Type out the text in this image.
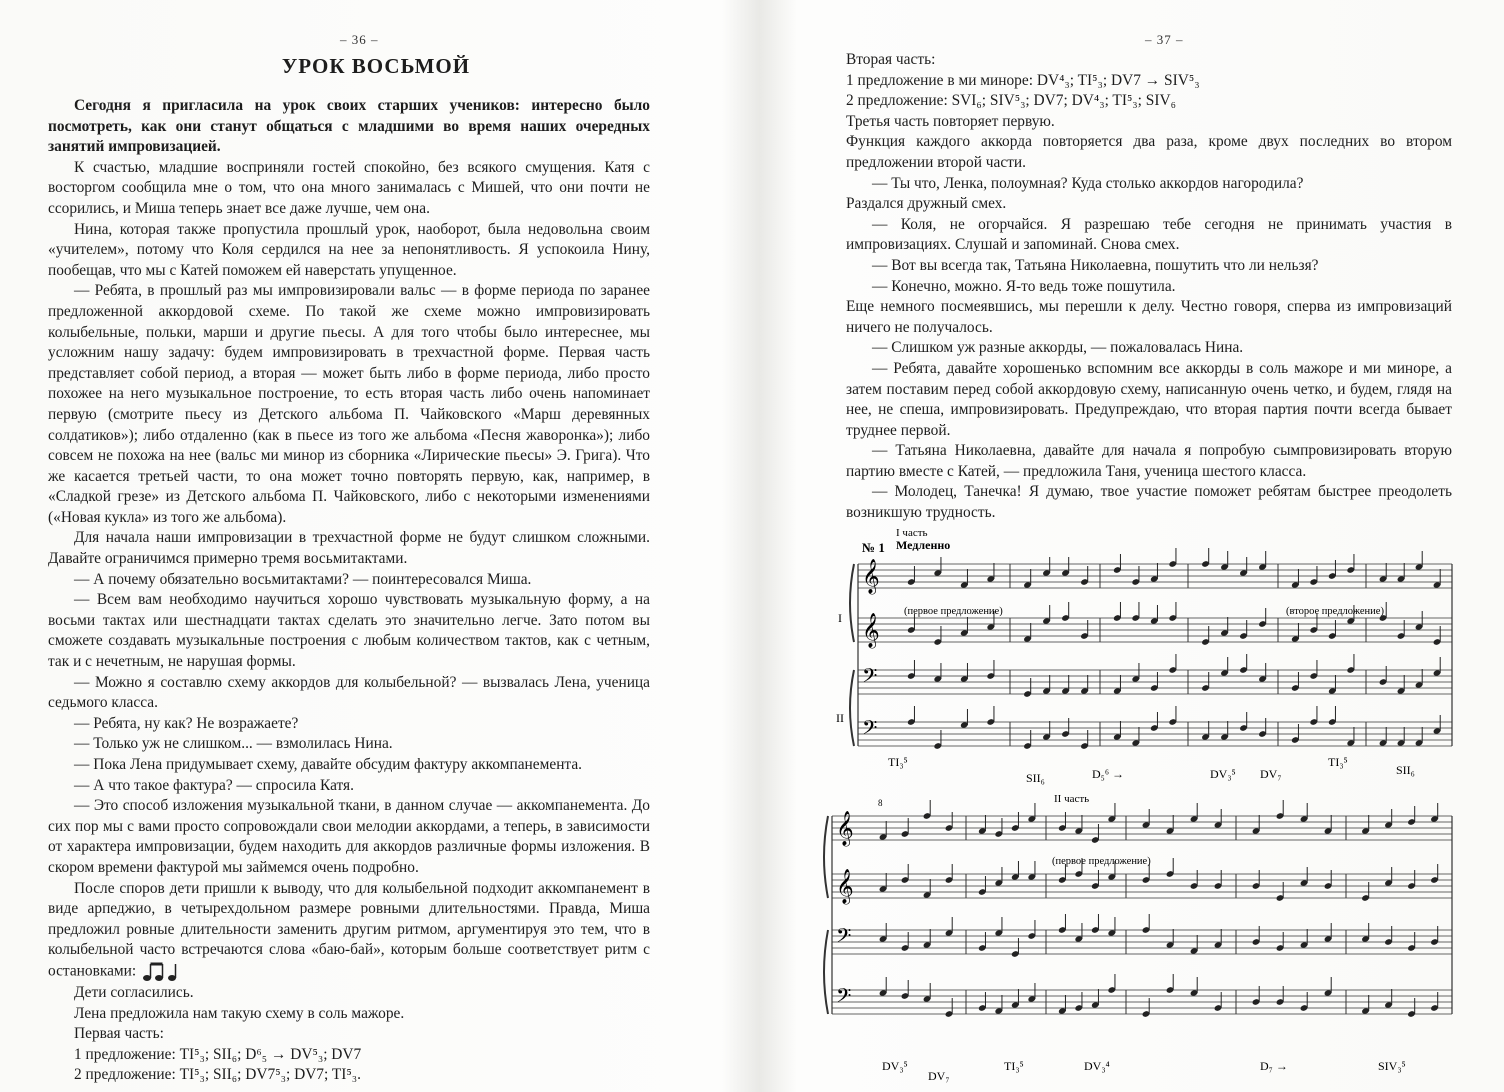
– 36 –
УРОК ВОСЬМОЙ

Сегодня я пригласила на урок своих старших учеников: интересно было посмотреть, как они станут общаться с младшими во время наших очередных занятий импровизацией.

К счастью, младшие восприняли гостей спокойно, без всякого смущения. Катя с восторгом сообщила мне о том, что она много занималась с Мишей, что они почти не ссорились, и Миша теперь знает все даже лучше, чем она.

Нина, которая также пропустила прошлый урок, наоборот, была недовольна своим «учителем», потому что Коля сердился на нее за непонятливость. Я успокоила Нину, пообещав, что мы с Катей поможем ей наверстать упущенное.

— Ребята, в прошлый раз мы импровизировали вальс — в форме периода по заранее предложенной аккордовой схеме. По такой же схеме можно импровизировать колыбельные, польки, марши и другие пьесы. А для того чтобы было интереснее, мы усложним нашу задачу: будем импровизировать в трехчастной форме. Первая часть представляет собой период, а вторая — может быть либо в форме периода, либо просто похожее на него музыкальное построение, то есть вторая часть либо очень напоминает первую (смотрите пьесу из Детского альбома П. Чайковского «Марш деревянных солдатиков»); либо отдаленно (как в пьесе из того же альбома «Песня жаворонка»); либо совсем не похожа на нее (вальс ми минор из сборника «Лирические пьесы» Э. Грига). Что же касается третьей части, то она может точно повторять первую, как, например, в «Сладкой грезе» из Детского альбома П. Чайковского, либо с некоторыми изменениями («Новая кукла» из того же альбома).

Для начала наши импровизации в трехчастной форме не будут слишком сложными. Давайте ограничимся примерно тремя восьмитактами.

— А почему обязательно восьмитактами? — поинтересовался Миша.

— Всем вам необходимо научиться хорошо чувствовать музыкальную форму, а на восьми тактах или шестнадцати тактах сделать это значительно легче. Зато потом вы сможете создавать музыкальные построения с любым количеством тактов, как с четным, так и с нечетным, не нарушая формы.

— Можно я составлю схему аккордов для колыбельной? — вызвалась Лена, ученица седьмого класса.

— Ребята, ну как? Не возражаете?

— Только уж не слишком... — взмолилась Нина.

— Пока Лена придумывает схему, давайте обсудим фактуру аккомпанемента.

— А что такое фактура? — спросила Катя.

— Это способ изложения музыкальной ткани, в данном случае — аккомпанемента. До сих пор мы с вами просто сопровождали свои мелодии аккордами, а теперь, в зависимости от характера импровизации, будем находить для аккордов различные формы изложения. В скором времени фактурой мы займемся очень подробно.

После споров дети пришли к выводу, что для колыбельной подходит аккомпанемент в виде арпеджио, в четырехдольном размере ровными длительностями. Правда, Миша предложил ровные длительности заменить другим ритмом, аргументируя это тем, что в колыбельной часто встречаются слова «баю-бай», которым больше соответствует ритм с остановками:

Дети согласились.

Лена предложила нам такую схему в соль мажоре.

Первая часть:

1 предложение: TI⁵₃; SII₆; D⁶₅ → DV⁵₃; DV7

2 предложение: TI⁵₃; SII₆; DV7⁵₃; DV7; TI⁵₃.

– 37 –

Вторая часть:

1 предложение в ми миноре: DV⁴₃; TI⁵₃; DV7 → SIV⁵₃

2 предложение: SVI₆; SIV⁵₃; DV7; DV⁴₃; TI⁵₃; SIV₆

Третья часть повторяет первую.

Функция каждого аккорда повторяется два раза, кроме двух последних во втором предложении второй части.

— Ты что, Ленка, полоумная? Куда столько аккордов нагородила?

Раздался дружный смех.

— Коля, не огорчайся. Я разрешаю тебе сегодня не принимать участия в импровизациях. Слушай и запоминай. Снова смех.

— Вот вы всегда так, Татьяна Николаевна, пошутить что ли нельзя?

— Конечно, можно. Я-то ведь тоже пошутила.

Еще немного посмеявшись, мы перешли к делу. Честно говоря, сперва из импровизаций ничего не получалось.

— Слишком уж разные аккорды, — пожаловалась Нина.

— Ребята, давайте хорошенько вспомним все аккорды в соль мажоре и ми миноре, а затем поставим перед собой аккордовую схему, написанную очень четко, и будем, глядя на нее, не спеша, импровизировать. Предупреждаю, что вторая партия почти всегда бывает труднее первой.

— Татьяна Николаевна, давайте для начала я попробую сымпровизировать вторую партию вместе с Катей, — предложила Таня, ученица шестого класса.

— Молодец, Танечка! Я думаю, твое участие поможет ребятам быстрее преодолеть возникшую трудность.

№ 1
I часть
Медленно
I
II
𝄞
𝄞
𝄢
𝄢
(первое предложение)	(второе предложение)
TI₃⁵
SII₆	D₅⁶ →	DV₃⁵ DV₇
TI₃⁵
SII₆
8	II часть
𝄞
𝄞
𝄢
𝄢
(первое предложение)
DV₃⁵
DV₇
TI₃⁵	DV₃⁴	D₇ →	SIV₃⁵
